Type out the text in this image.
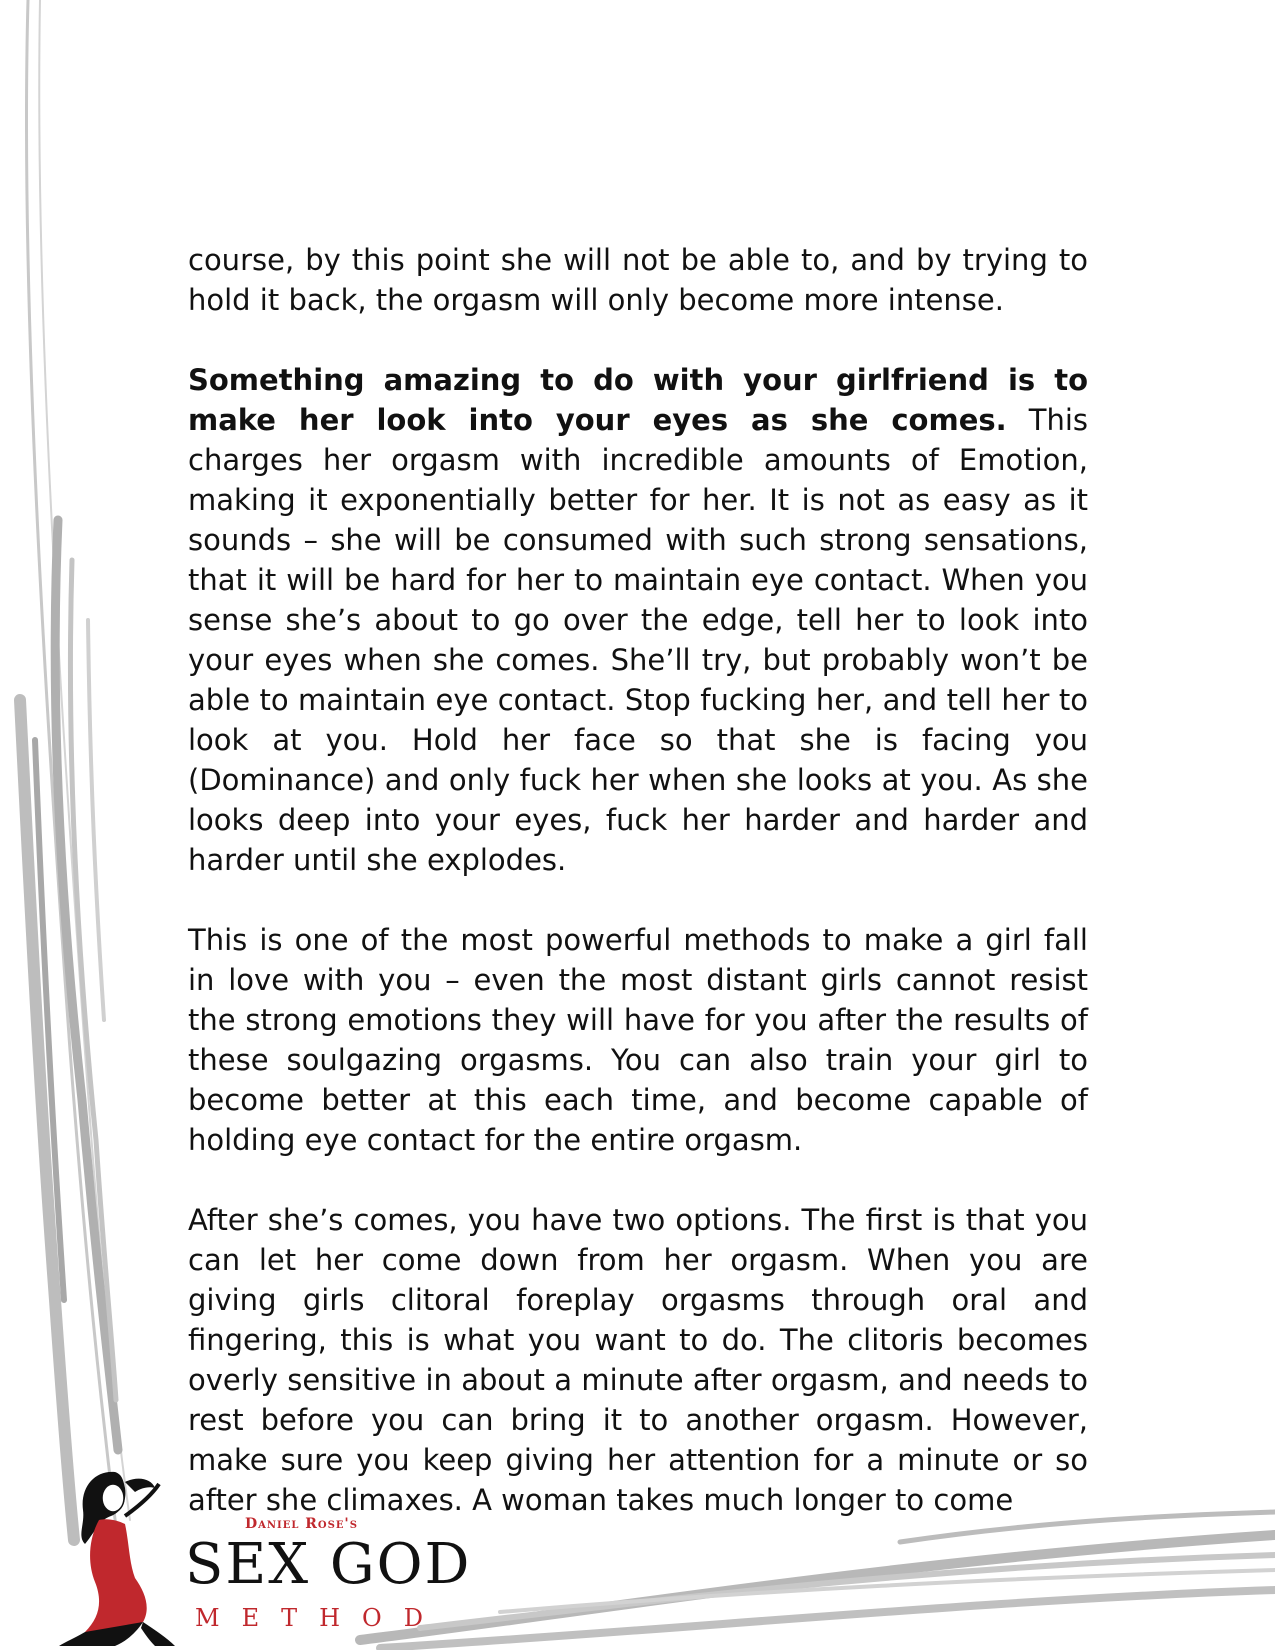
course, by this point she will not be able to, and by trying to hold it back, the orgasm will only become more intense.

Something amazing to do with your girlfriend is to make her look into your eyes as she comes. This charges her orgasm with incredible amounts of Emotion, making it exponentially better for her. It is not as easy as it sounds – she will be consumed with such strong sensations, that it will be hard for her to maintain eye contact. When you sense she’s about to go over the edge, tell her to look into your eyes when she comes. She’ll try, but probably won’t be able to maintain eye contact. Stop fucking her, and tell her to look at you. Hold her face so that she is facing you (Dominance) and only fuck her when she looks at you. As she looks deep into your eyes, fuck her harder and harder and harder until she explodes.

This is one of the most powerful methods to make a girl fall in love with you – even the most distant girls cannot resist the strong emotions they will have for you after the results of these soulgazing orgasms. You can also train your girl to become better at this each time, and become capable of holding eye contact for the entire orgasm.

After she’s comes, you have two options. The first is that you can let her come down from her orgasm. When you are giving girls clitoral foreplay orgasms through oral and fingering, this is what you want to do. The clitoris becomes overly sensitive in about a minute after orgasm, and needs to rest before you can bring it to another orgasm. However, make sure you keep giving her attention for a minute or so after she climaxes. A woman takes much longer to come

Daniel Rose's
SEX GOD
METHOD
